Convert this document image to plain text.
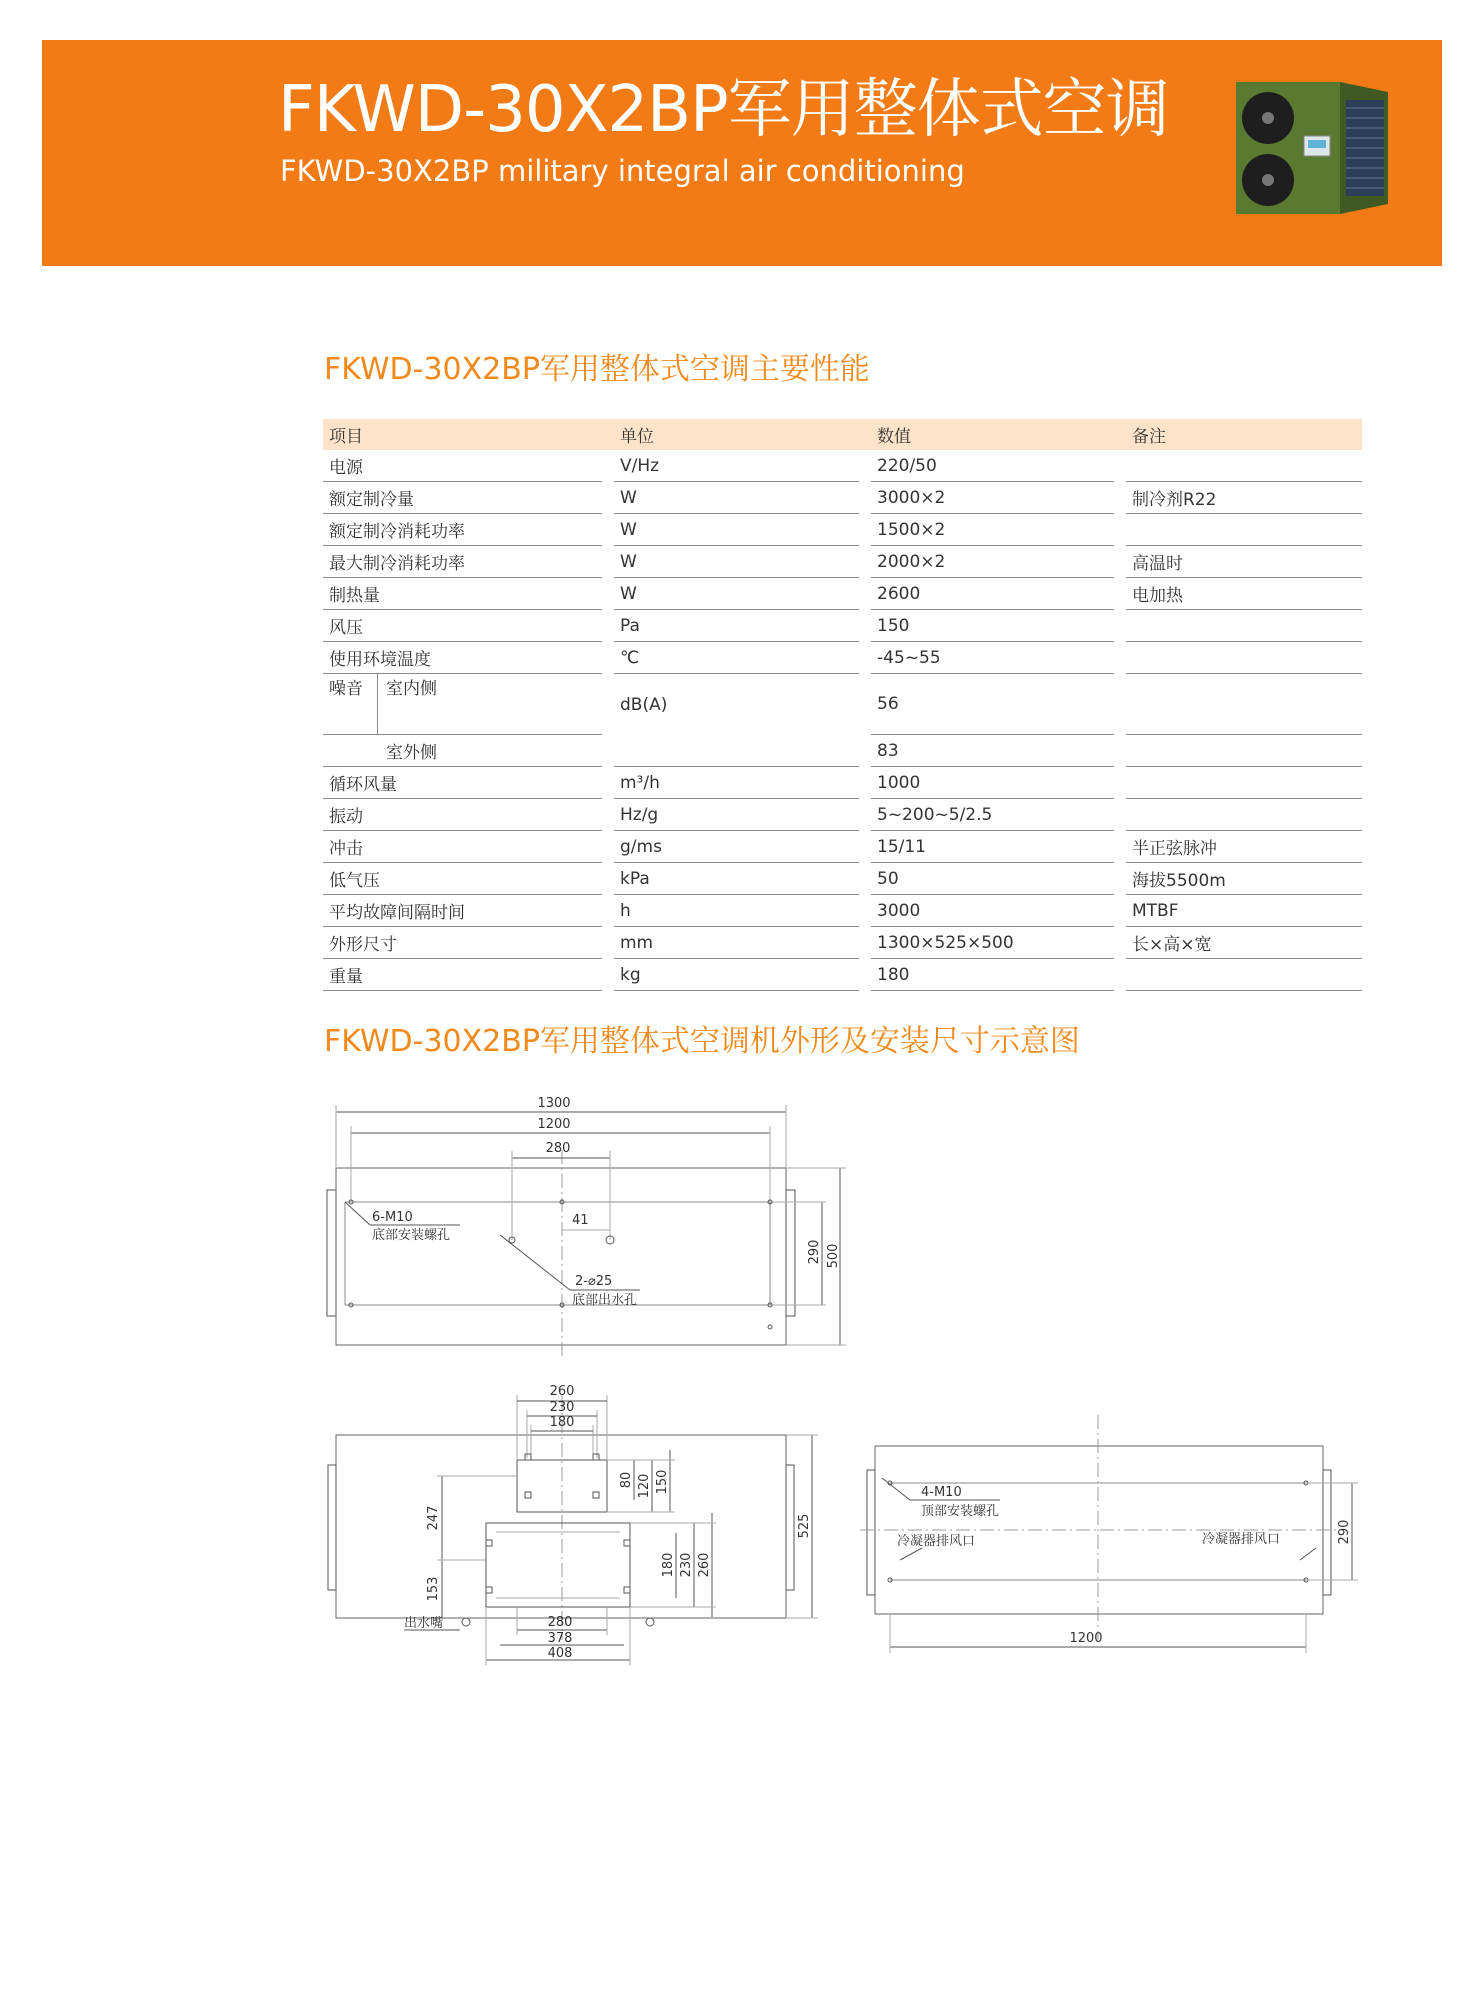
FKWD-30X2BP军用整体式空调
FKWD-30X2BP military integral air conditioning
FKWD-30X2BP军用整体式空调主要性能
项目		单位		数值		备注
电源		V/Hz		220/50		
额定制冷量		W		3000×2		制冷剂R22
额定制冷消耗功率		W		1500×2		
最大制冷消耗功率		W		2000×2		高温时
制热量		W		2600		电加热
风压		Pa		150		
使用环境温度		℃		-45~55		
噪音 室内侧		dB(A)		56		
室外侧				83		
循环风量		m³/h		1000		
振动		Hz/g		5~200~5/2.5		
冲击		g/ms		15/11		半正弦脉冲
低气压		kPa		50		海拔5500m
平均故障间隔时间		h		3000		MTBF
外形尺寸		mm		1300×525×500		长×高×宽
重量		kg		180		
FKWD-30X2BP军用整体式空调机外形及安装尺寸示意图
1300
1200
280
41
290 500
6-M10
底部安装螺孔
2-⌀25
底部出水孔
260
230
180
80 120 150
247
153
180 230 260
525
280
378
408
出水嘴
4-M10
顶部安装螺孔
冷凝器排风口	冷凝器排风口	290
1200
